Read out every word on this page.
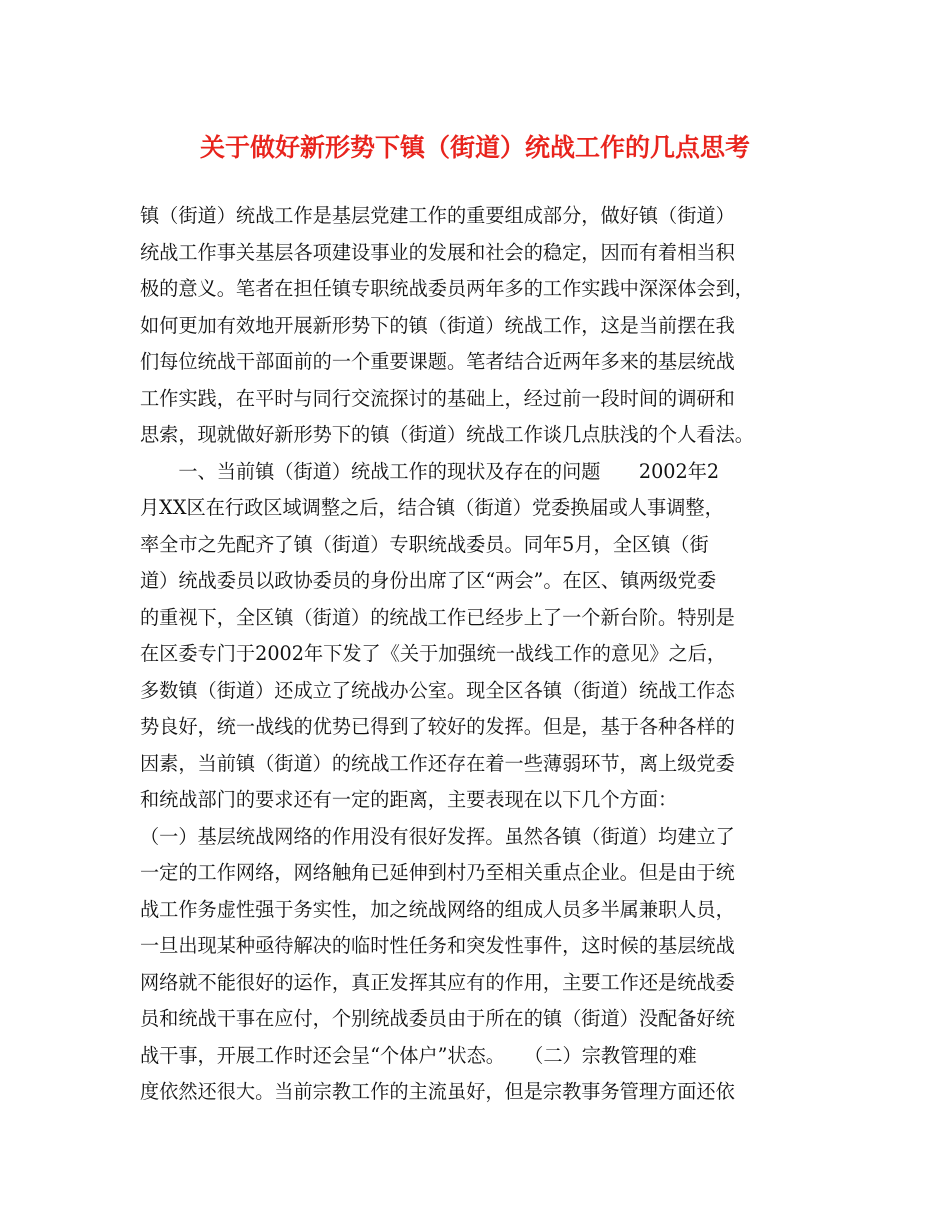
关于做好新形势下镇（街道）统战工作的几点思考
镇（街道）统战工作是基层党建工作的重要组成部分，做好镇（街道）
统战工作事关基层各项建设事业的发展和社会的稳定，因而有着相当积
极的意义。笔者在担任镇专职统战委员两年多的工作实践中深深体会到，
如何更加有效地开展新形势下的镇（街道）统战工作，这是当前摆在我
们每位统战干部面前的一个重要课题。笔者结合近两年多来的基层统战
工作实践，在平时与同行交流探讨的基础上，经过前一段时间的调研和
思索，现就做好新形势下的镇（街道）统战工作谈几点肤浅的个人看法。
　　一、当前镇（街道）统战工作的现状及存在的问题　　2002年2
月XX区在行政区域调整之后，结合镇（街道）党委换届或人事调整，
率全市之先配齐了镇（街道）专职统战委员。同年5月，全区镇（街
道）统战委员以政协委员的身份出席了区“两会”。在区、镇两级党委
的重视下，全区镇（街道）的统战工作已经步上了一个新台阶。特别是
在区委专门于2002年下发了《关于加强统一战线工作的意见》之后，
多数镇（街道）还成立了统战办公室。现全区各镇（街道）统战工作态
势良好，统一战线的优势已得到了较好的发挥。但是，基于各种各样的
因素，当前镇（街道）的统战工作还存在着一些薄弱环节，离上级党委
和统战部门的要求还有一定的距离，主要表现在以下几个方面：
（一）基层统战网络的作用没有很好发挥。虽然各镇（街道）均建立了
一定的工作网络，网络触角已延伸到村乃至相关重点企业。但是由于统
战工作务虚性强于务实性，加之统战网络的组成人员多半属兼职人员，
一旦出现某种亟待解决的临时性任务和突发性事件，这时候的基层统战
网络就不能很好的运作，真正发挥其应有的作用，主要工作还是统战委
员和统战干事在应付，个别统战委员由于所在的镇（街道）没配备好统
战干事，开展工作时还会呈“个体户”状态。　　（二）宗教管理的难
度依然还很大。当前宗教工作的主流虽好，但是宗教事务管理方面还依
